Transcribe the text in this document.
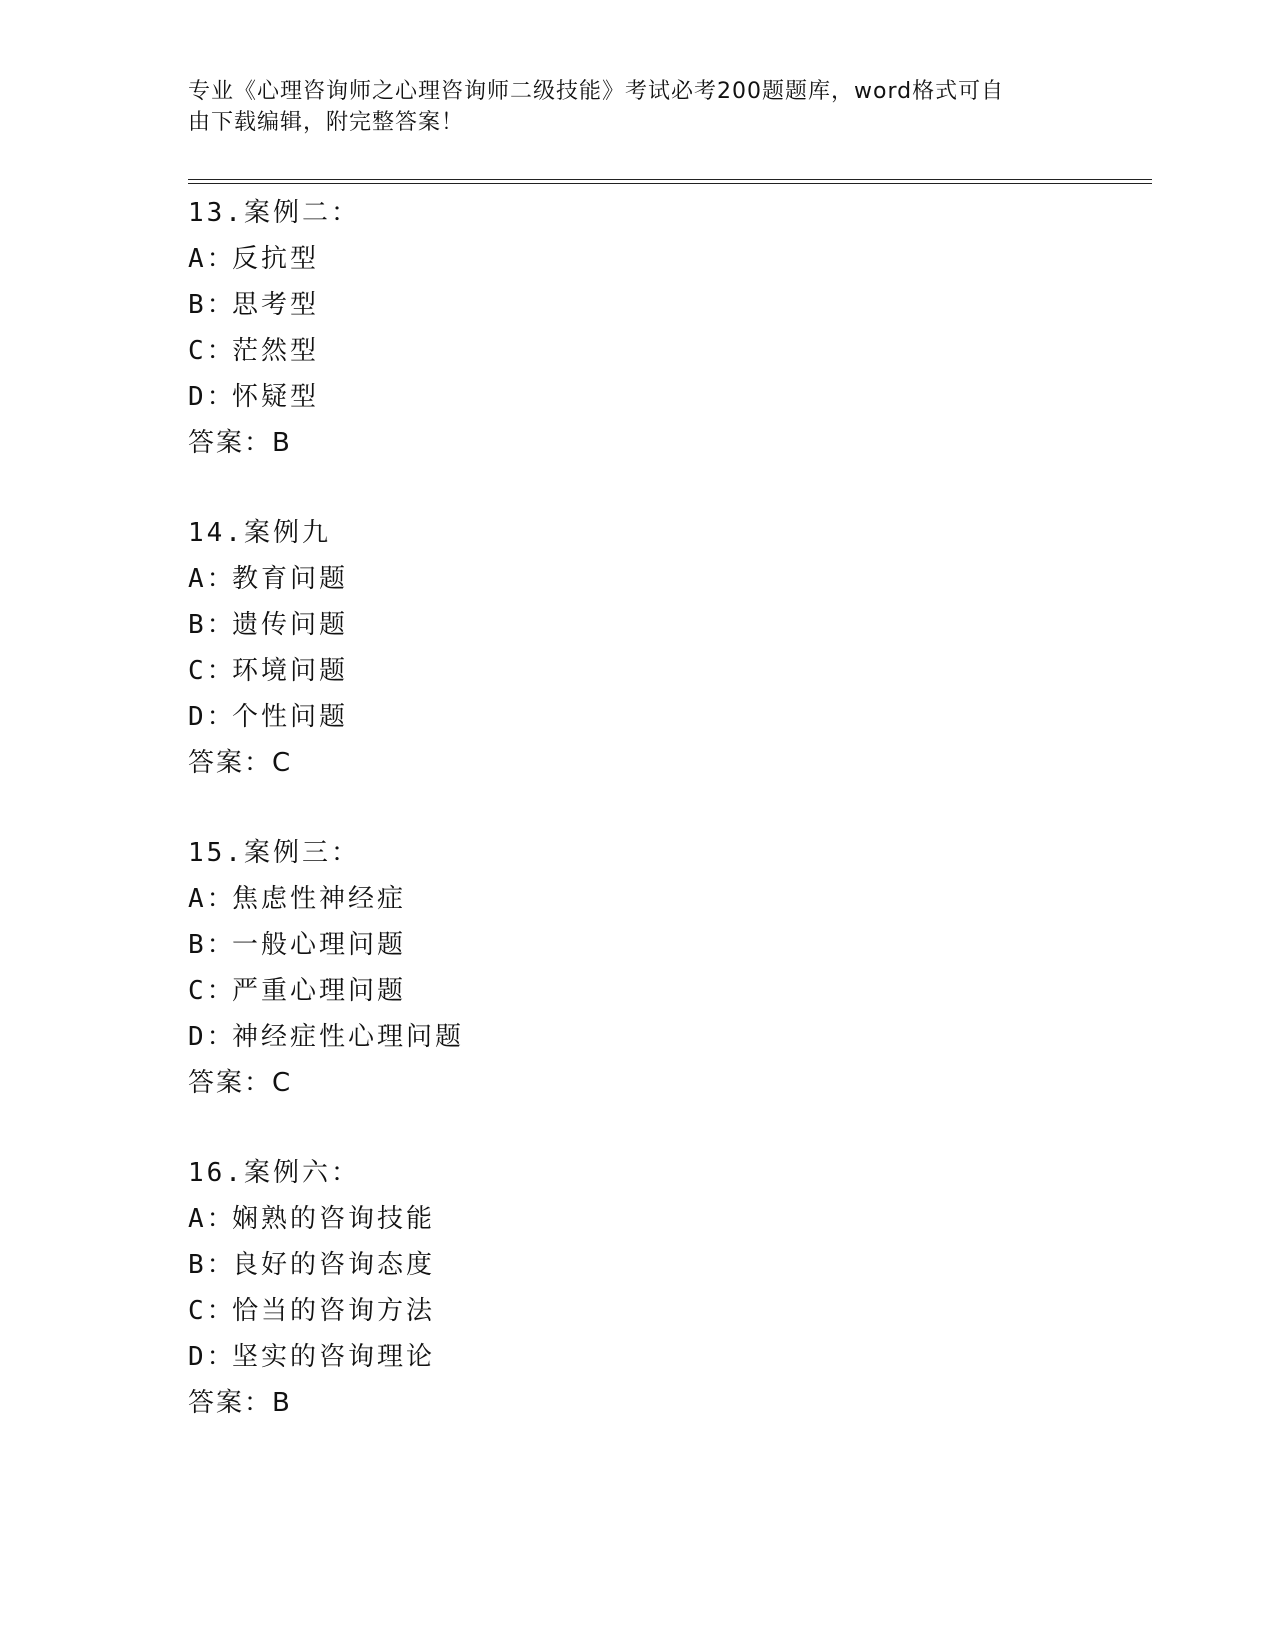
专业《心理咨询师之心理咨询师二级技能》考试必考200题题库，word格式可自
由下载编辑，附完整答案！
13.案例二：
A：反抗型
B：思考型
C：茫然型
D：怀疑型
答案：B
14.案例九
A：教育问题
B：遗传问题
C：环境问题
D：个性问题
答案：C
15.案例三：
A：焦虑性神经症
B：一般心理问题
C：严重心理问题
D：神经症性心理问题
答案：C
16.案例六：
A：娴熟的咨询技能
B：良好的咨询态度
C：恰当的咨询方法
D：坚实的咨询理论
答案：B
